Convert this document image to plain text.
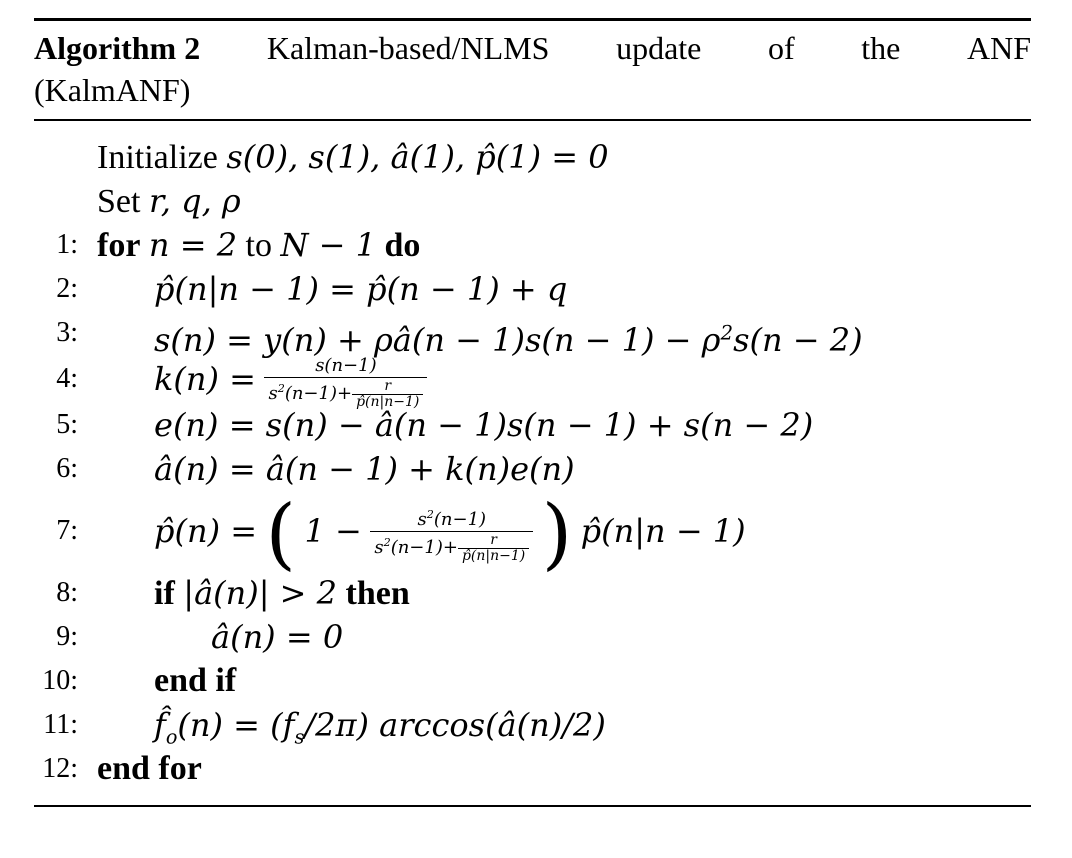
Algorithm 2 Kalman-based/NLMS update of the ANF
(KalmANF)
Initialize s(0), s(1), â(1), p̂(1) = 0
Set r, q, ρ
1: for n = 2 to N − 1 do
2: p̂(n|n − 1) = p̂(n − 1) + q
3: s(n) = y(n) + ρâ(n − $1)s(n - 1) - \rho^2s(n - 2)$
4: $k(n) = \frac{s(n-1)}{s^2(n-1)+ \frac{r}{p̂(n|n-1)}}$
5: e(n) = s(n) − â(n − 1)s(n − 1) + s(n − 2)
6: â(n) = â(n − 1) + k(n)e(n)
7: p̂(n) = ( $1 - \frac{s^2(n-1)}{s^2(n-1)+ \frac{r}{p̂(n|n-1)}}$ ) p̂(n|n − 1)
8: if |â(n)| > 2 then
9:	â(n) = 0
10: end if
11: $f̂_o(n) = (f_s/2\pi)$ arccos(â(n)/2)
12: end for
